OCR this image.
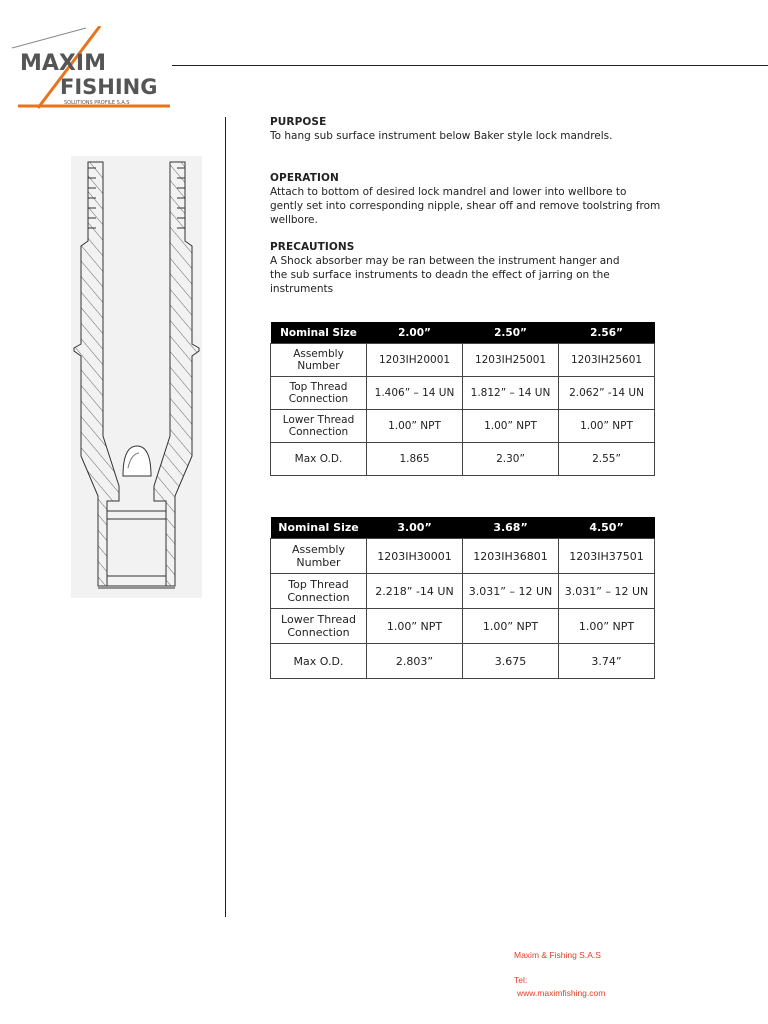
MAXIM
FISHING
SOLUTIONS PROFILE S.A.S
PURPOSE
To hang sub surface instrument below Baker style lock mandrels.
OPERATION
Attach to bottom of desired lock mandrel and lower into wellbore to gently set into corresponding nipple, shear off and remove toolstring from wellbore.
PRECAUTIONS
A Shock absorber may be ran between the instrument hanger and the sub surface instruments to deadn the effect of jarring on the instruments
Nominal Size	2.00”	2.50”	2.56”
Assembly Number	1203IH20001	1203IH25001	1203IH25601
Top Thread Connection	1.406” – 14 UN	1.812” – 14 UN	2.062” -14 UN
Lower Thread Connection	1.00” NPT	1.00” NPT	1.00” NPT
Max O.D.	1.865	2.30”	2.55”
Nominal Size	3.00”	3.68”	4.50”
Assembly Number	1203IH30001	1203IH36801	1203IH37501
Top Thread Connection	2.218” -14 UN	3.031” – 12 UN	3.031” – 12 UN
Lower Thread Connection	1.00” NPT	1.00” NPT	1.00” NPT
Max O.D.	2.803”	3.675	3.74”
Maxim & Fishing S.A.S
Tel:
www.maximfishing.com
